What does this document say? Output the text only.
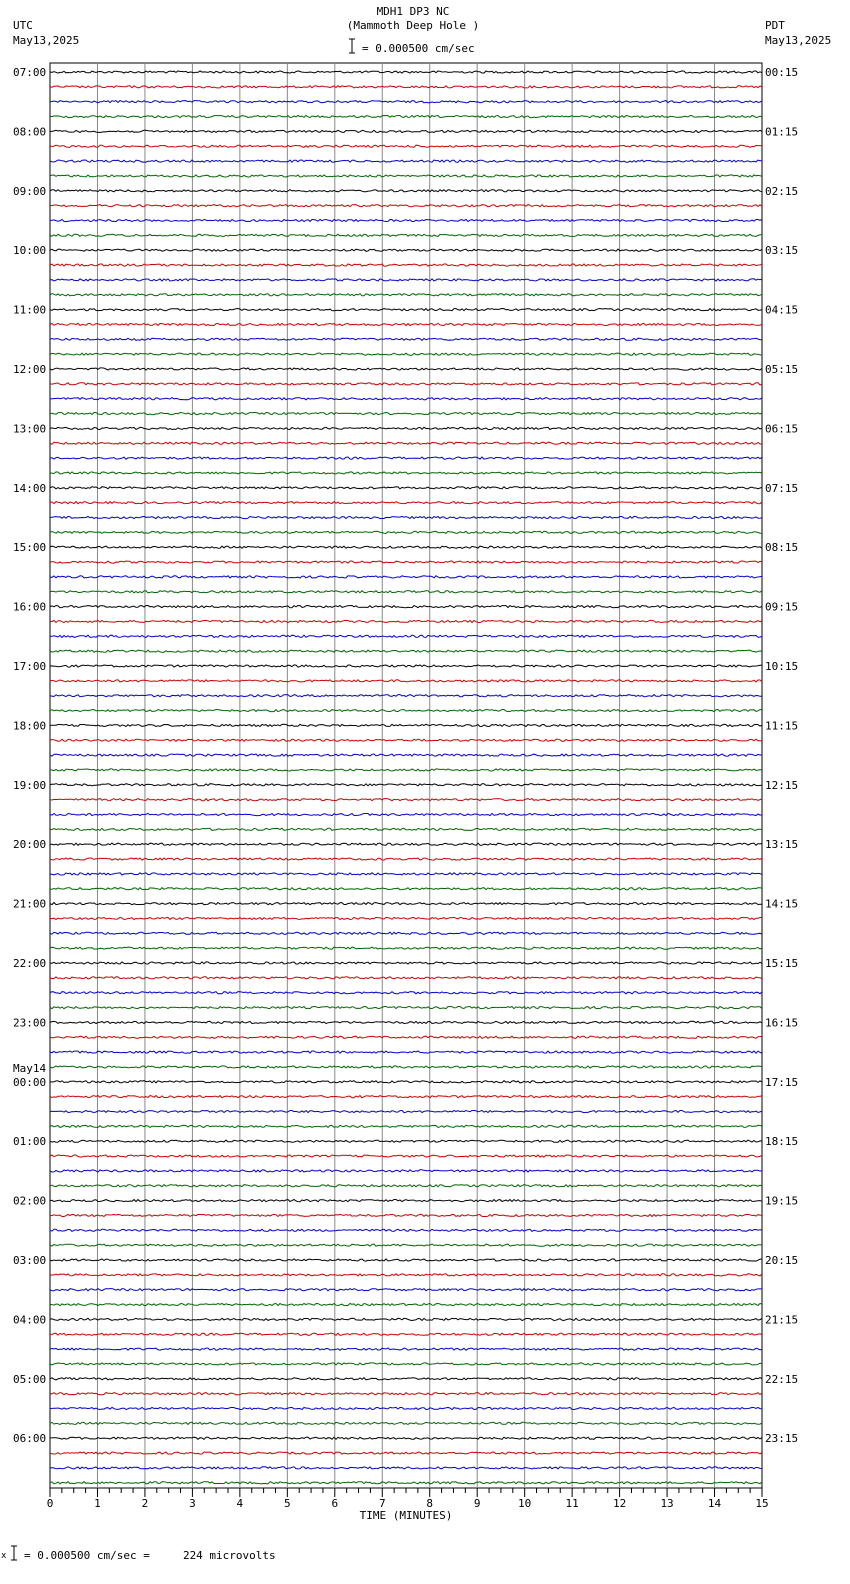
MDH1 DP3 NC
(Mammoth Deep Hole )
= 0.000500 cm/sec
UTC
May13,2025
PDT
May13,2025
07:00	00:15
08:00	01:15
09:00	02:15
10:00	03:15
11:00	04:15
12:00	05:15
13:00	06:15
14:00	07:15
15:00	08:15
16:00	09:15
17:00	10:15
18:00	11:15
19:00	12:15
20:00	13:15
21:00	14:15
22:00	15:15
23:00	16:15
00:00	17:15
May14
01:00	18:15
02:00	19:15
03:00	20:15
04:00	21:15
05:00	22:15
06:00	23:15
0	1	2	3	4	5	6	7	8	9	10	11	12	13	14	15
TIME (MINUTES)
x = 0.000500 cm/sec =     224 microvolts
